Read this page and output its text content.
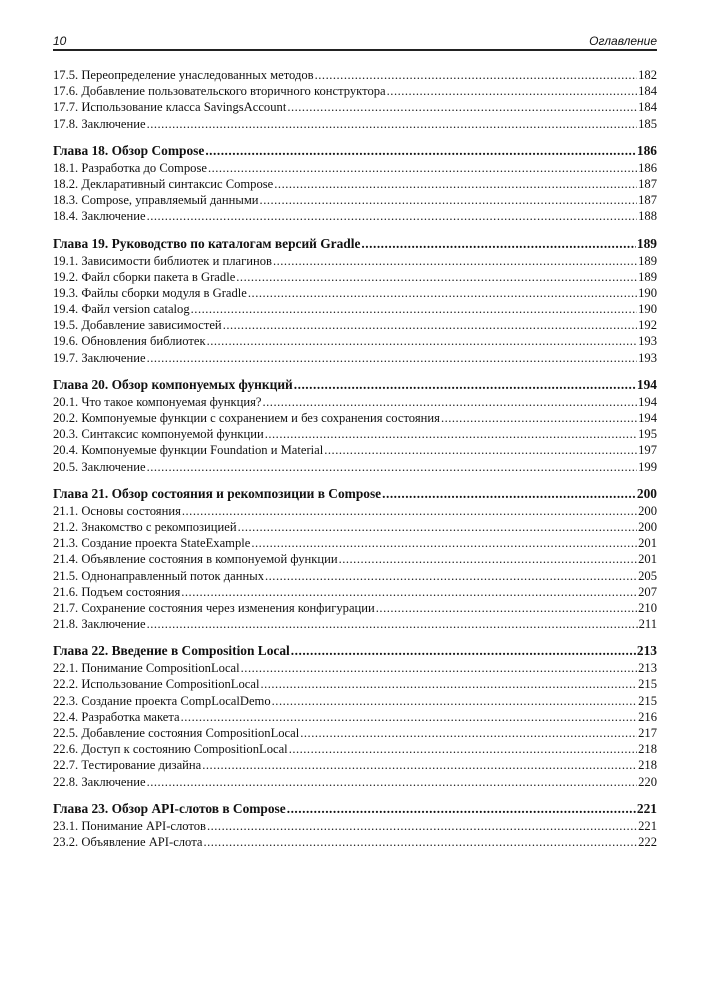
10	Оглавление
17.5. Переопределение унаследованных методов .....	182
17.6. Добавление пользовательского вторичного конструктора .....	184
17.7. Использование класса SavingsAccount .....	184
17.8. Заключение .....	185
Глава 18. Обзор Compose .....	186
18.1. Разработка до Compose .....	186
18.2. Декларативный синтаксис Compose .....	187
18.3. Compose, управляемый данными .....	187
18.4. Заключение .....	188
Глава 19. Руководство по каталогам версий Gradle .....	189
19.1. Зависимости библиотек и плагинов .....	189
19.2. Файл сборки пакета в Gradle .....	189
19.3. Файлы сборки модуля в Gradle .....	190
19.4. Файл version catalog .....	190
19.5. Добавление зависимостей .....	192
19.6. Обновления библиотек .....	193
19.7. Заключение .....	193
Глава 20. Обзор компонуемых функций .....	194
20.1. Что такое компонуемая функция? .....	194
20.2. Компонуемые функции с сохранением и без сохранения состояния .....	194
20.3. Синтаксис компонуемой функции .....	195
20.4. Компонуемые функции Foundation и Material .....	197
20.5. Заключение .....	199
Глава 21. Обзор состояния и рекомпозиции в Compose .....	200
21.1. Основы состояния .....	200
21.2. Знакомство с рекомпозицией .....	200
21.3. Создание проекта StateExample .....	201
21.4. Объявление состояния в компонуемой функции .....	201
21.5. Однонаправленный поток данных .....	205
21.6. Подъем состояния .....	207
21.7. Сохранение состояния через изменения конфигурации .....	210
21.8. Заключение .....	211
Глава 22. Введение в Composition Local .....	213
22.1. Понимание CompositionLocal .....	213
22.2. Использование CompositionLocal .....	215
22.3. Создание проекта CompLocalDemo .....	215
22.4. Разработка макета .....	216
22.5. Добавление состояния CompositionLocal .....	217
22.6. Доступ к состоянию CompositionLocal .....	218
22.7. Тестирование дизайна .....	218
22.8. Заключение .....	220
Глава 23. Обзор API-слотов в Compose .....	221
23.1. Понимание API-слотов .....	221
23.2. Объявление API-слота .....	222
